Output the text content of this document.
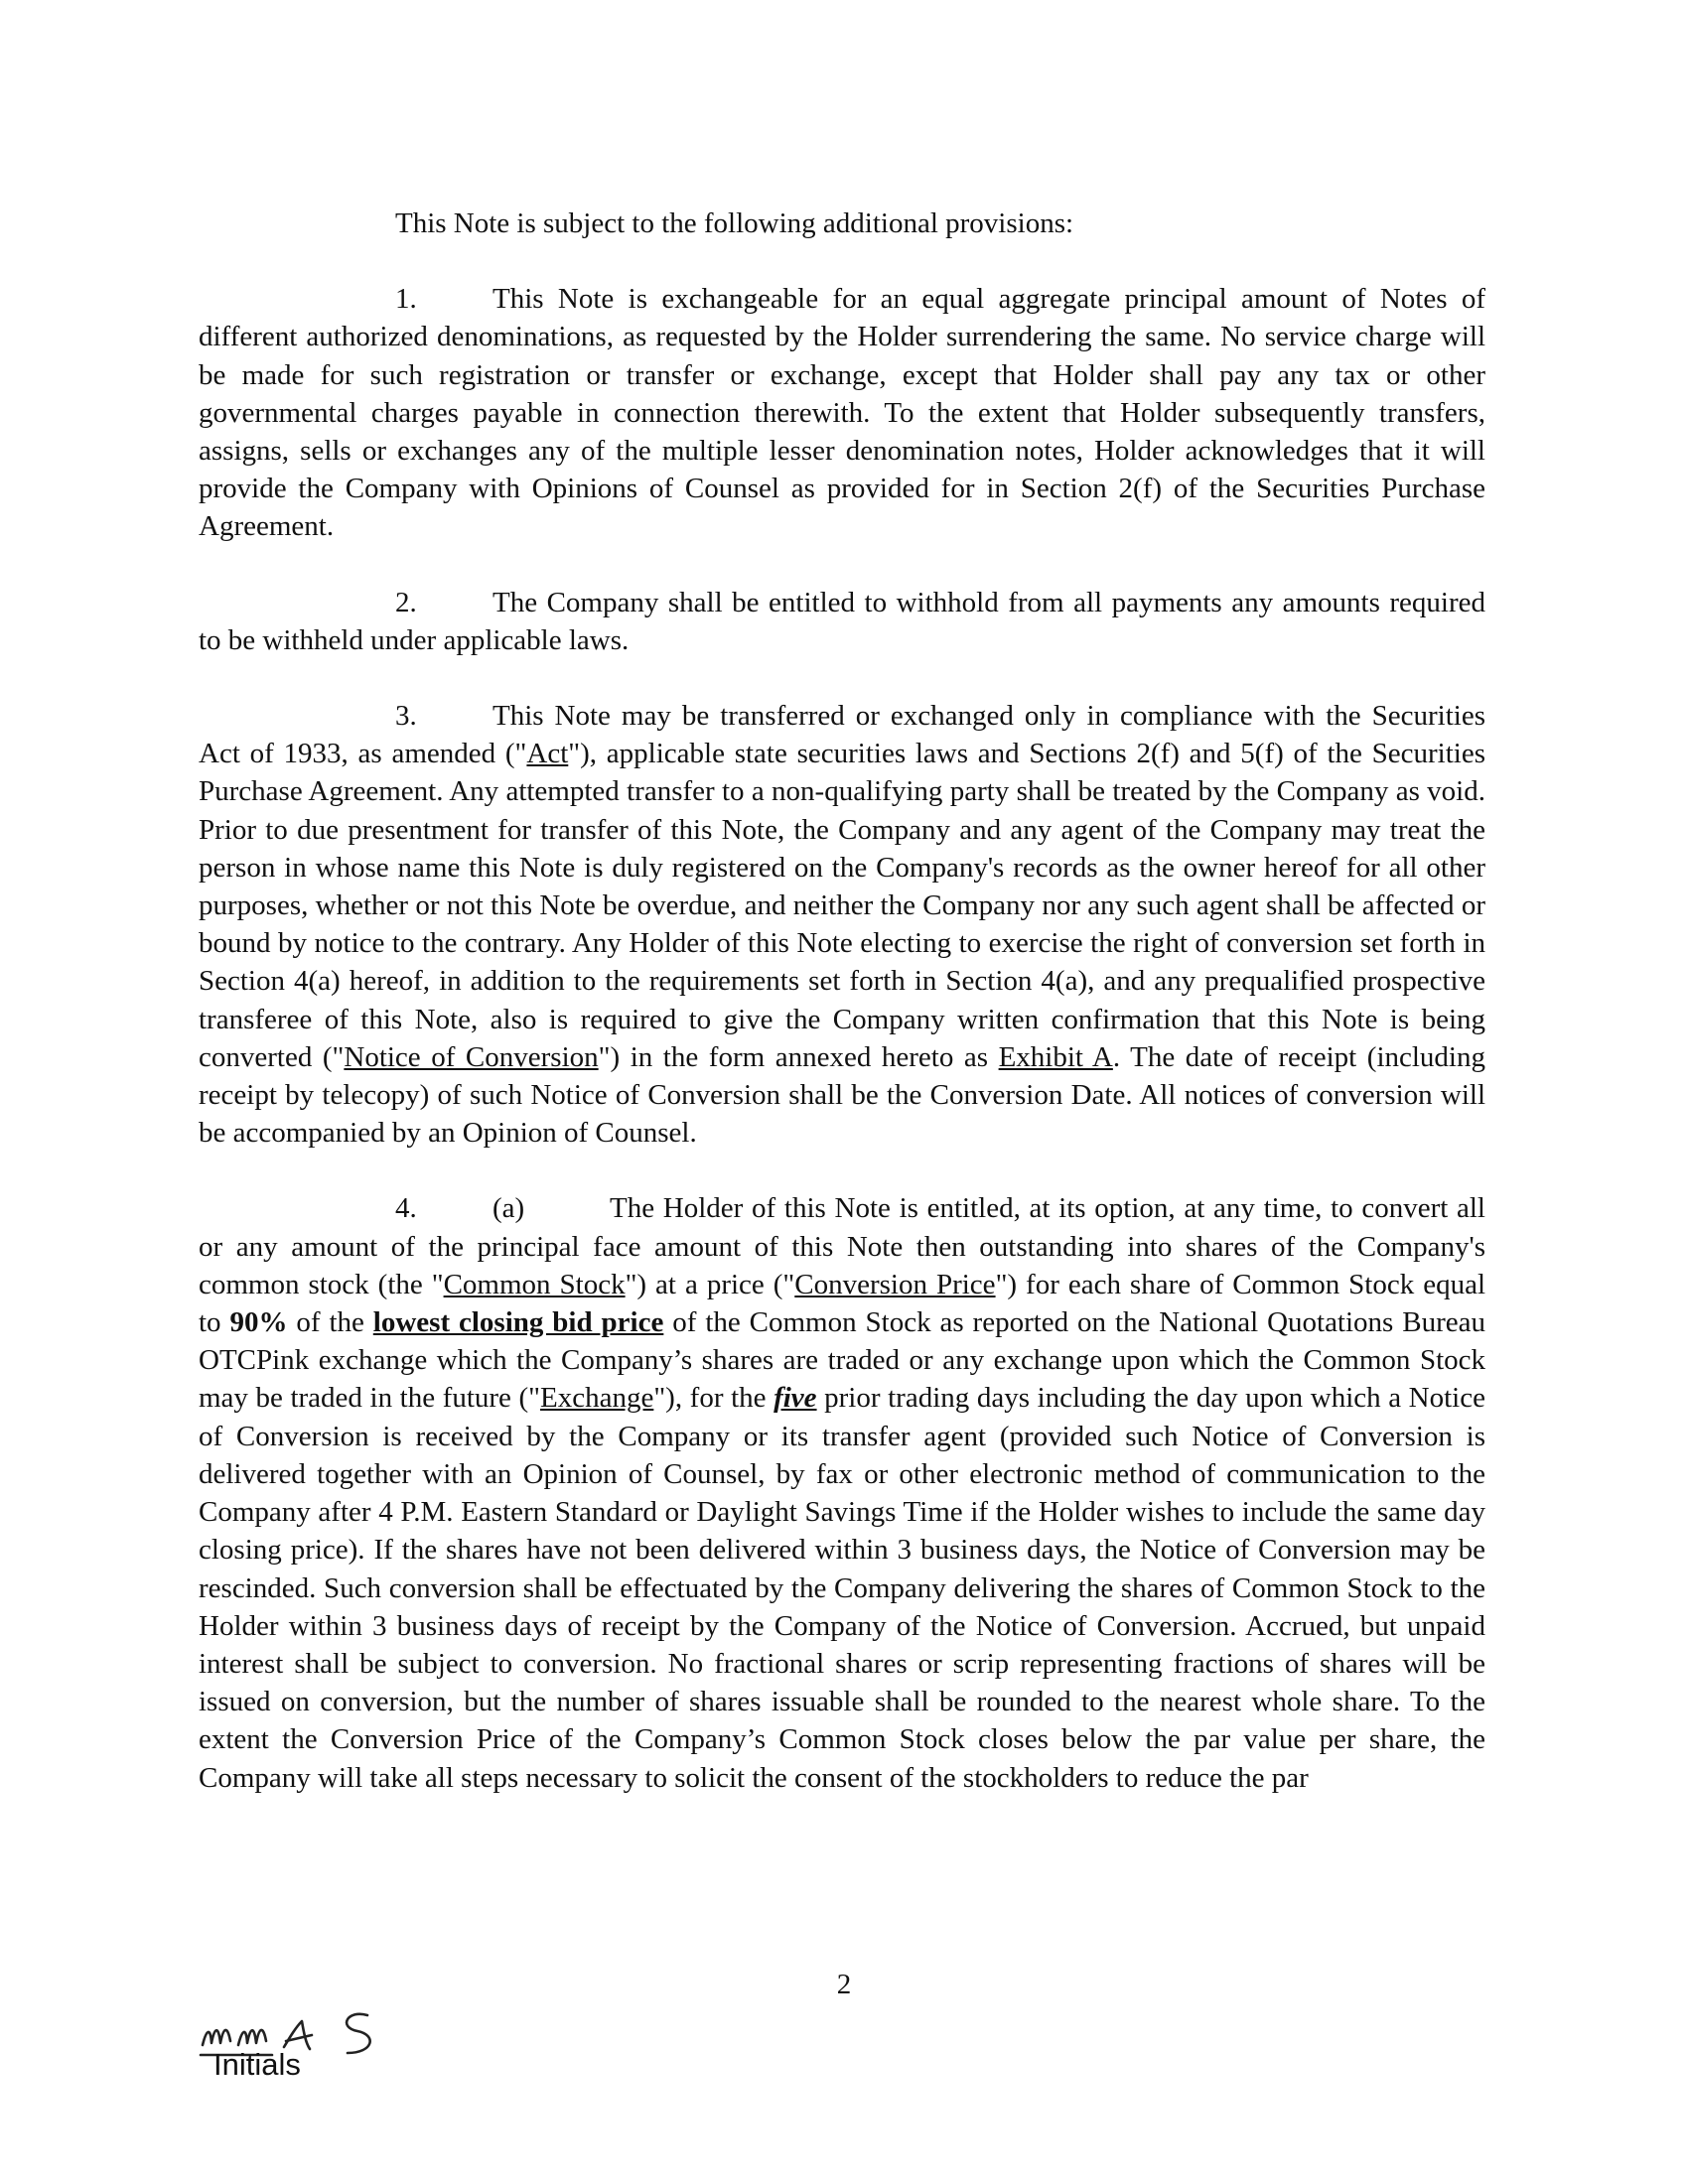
This Note is subject to the following additional provisions:

1.	This Note is exchangeable for an equal aggregate principal amount of Notes of different authorized denominations, as requested by the Holder surrendering the same. No service charge will be made for such registration or transfer or exchange, except that Holder shall pay any tax or other governmental charges payable in connection therewith. To the extent that Holder subsequently transfers, assigns, sells or exchanges any of the multiple lesser denomination notes, Holder acknowledges that it will provide the Company with Opinions of Counsel as provided for in Section 2(f) of the Securities Purchase Agreement.

2.	The Company shall be entitled to withhold from all payments any amounts required to be withheld under applicable laws.

3.	This Note may be transferred or exchanged only in compliance with the Securities Act of 1933, as amended ("Act"), applicable state securities laws and Sections 2(f) and 5(f) of the Securities Purchase Agreement. Any attempted transfer to a non-qualifying party shall be treated by the Company as void. Prior to due presentment for transfer of this Note, the Company and any agent of the Company may treat the person in whose name this Note is duly registered on the Company's records as the owner hereof for all other purposes, whether or not this Note be overdue, and neither the Company nor any such agent shall be affected or bound by notice to the contrary. Any Holder of this Note electing to exercise the right of conversion set forth in Section 4(a) hereof, in addition to the requirements set forth in Section 4(a), and any prequalified prospective transferee of this Note, also is required to give the Company written confirmation that this Note is being converted ("Notice of Conversion") in the form annexed hereto as Exhibit A. The date of receipt (including receipt by telecopy) of such Notice of Conversion shall be the Conversion Date. All notices of conversion will be accompanied by an Opinion of Counsel.

4.	(a)	The Holder of this Note is entitled, at its option, at any time, to convert all or any amount of the principal face amount of this Note then outstanding into shares of the Company's common stock (the "Common Stock") at a price ("Conversion Price") for each share of Common Stock equal to 90% of the lowest closing bid price of the Common Stock as reported on the National Quotations Bureau OTCPink exchange which the Company’s shares are traded or any exchange upon which the Common Stock may be traded in the future ("Exchange"), for the five prior trading days including the day upon which a Notice of Conversion is received by the Company or its transfer agent (provided such Notice of Conversion is delivered together with an Opinion of Counsel, by fax or other electronic method of communication to the Company after 4 P.M. Eastern Standard or Daylight Savings Time if the Holder wishes to include the same day closing price). If the shares have not been delivered within 3 business days, the Notice of Conversion may be rescinded. Such conversion shall be effectuated by the Company delivering the shares of Common Stock to the Holder within 3 business days of receipt by the Company of the Notice of Conversion. Accrued, but unpaid interest shall be subject to conversion. No fractional shares or scrip representing fractions of shares will be issued on conversion, but the number of shares issuable shall be rounded to the nearest whole share. To the extent the Conversion Price of the Company’s Common Stock closes below the par value per share, the Company will take all steps necessary to solicit the consent of the stockholders to reduce the par

2
Initials
